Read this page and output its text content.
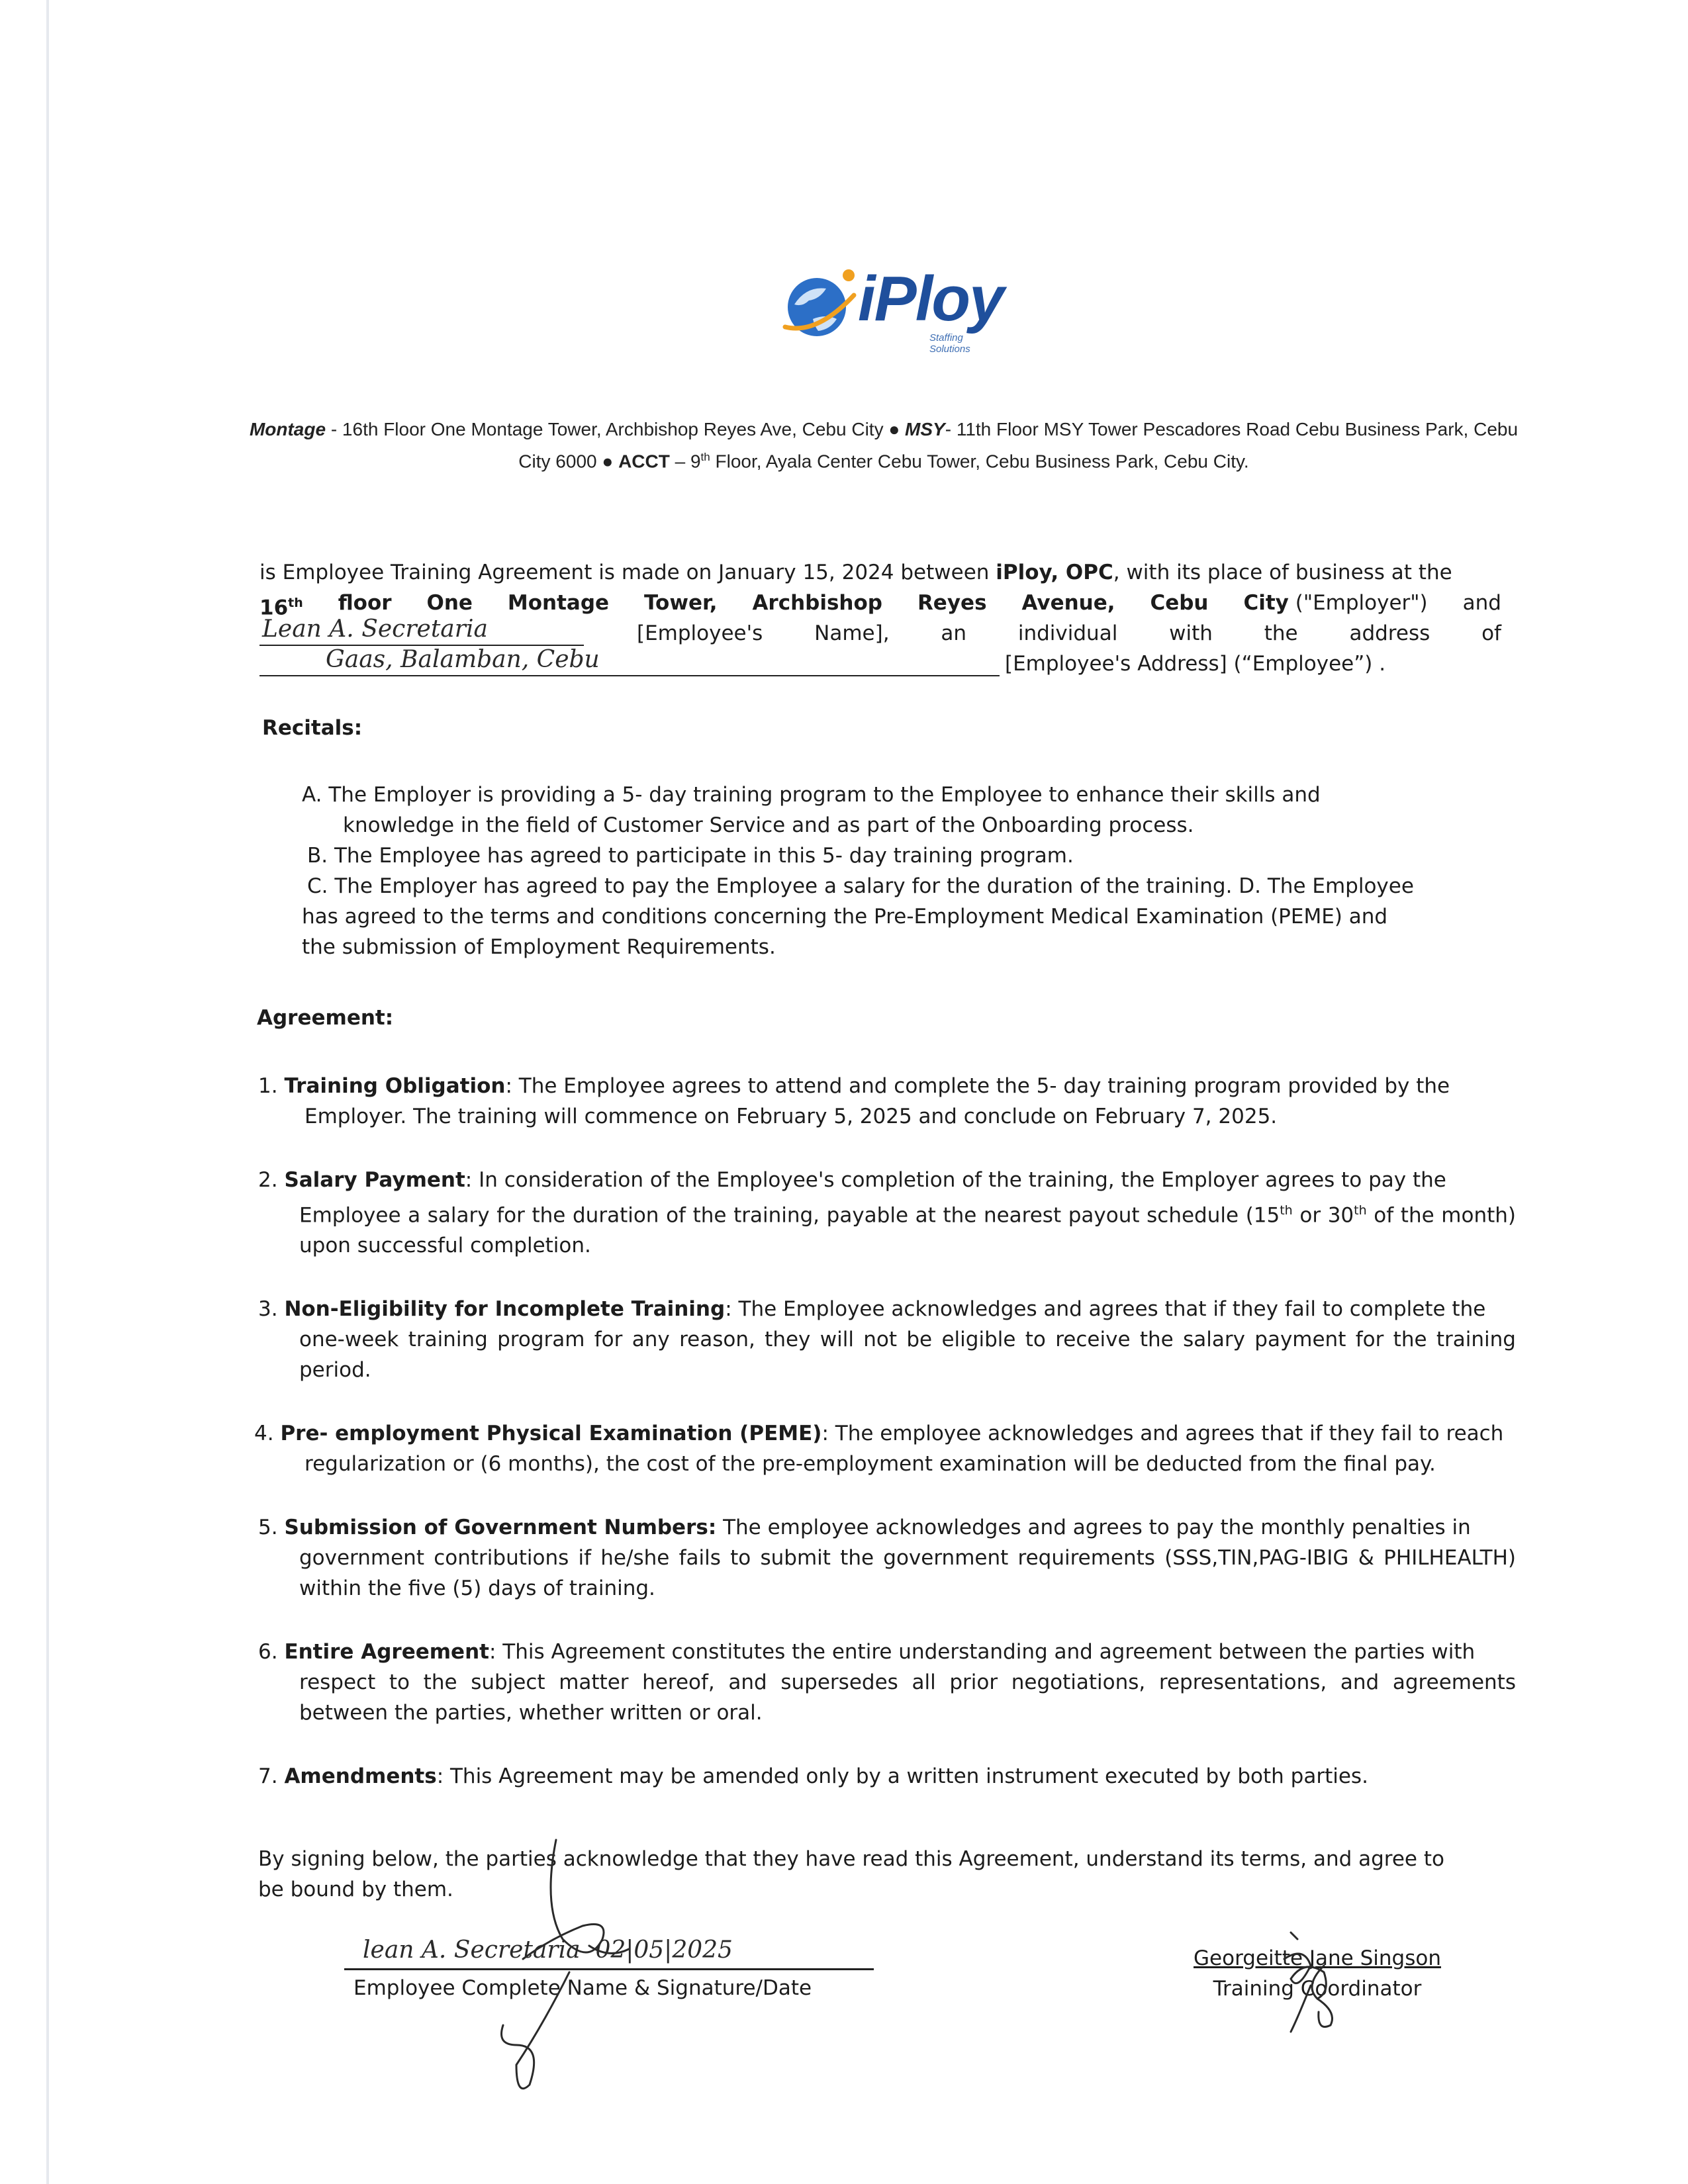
iPloy
Staffing Solutions
Montage - 16th Floor One Montage Tower, Archbishop Reyes Ave, Cebu City ● MSY- 11th Floor MSY Tower Pescadores Road Cebu Business Park, Cebu City 6000 ● ACCT – 9th Floor, Ayala Center Cebu Tower, Cebu Business Park, Cebu City.
is Employee Training Agreement is made on January 15, 2024 between iPloy, OPC, with its place of business at the
16th floor One Montage Tower, Archbishop Reyes Avenue, Cebu City ("Employer") and
Lean A. Secretaria	[Employee's	Name],	an	individual	with	the	address	of
Gaas, Balamban, Cebu	[Employee's Address] (“Employee”) .
Recitals:

A. The Employer is providing a 5- day training program to the Employee to enhance their skills and

knowledge in the field of Customer Service and as part of the Onboarding process.

B. The Employee has agreed to participate in this 5- day training program.

C. The Employer has agreed to pay the Employee a salary for the duration of the training. D. The Employee

has agreed to the terms and conditions concerning the Pre-Employment Medical Examination (PEME) and

the submission of Employment Requirements.

Agreement:
1. Training Obligation: The Employee agrees to attend and complete the 5- day training program provided by the
Employer. The training will commence on February 5, 2025 and conclude on February 7, 2025.
2. Salary Payment: In consideration of the Employee's completion of the training, the Employer agrees to pay the
Employee a salary for the duration of the training, payable at the nearest payout schedule (15th or 30th of the month) upon successful completion.
3. Non-Eligibility for Incomplete Training: The Employee acknowledges and agrees that if they fail to complete the
one-week training program for any reason, they will not be eligible to receive the salary payment for the training period.
4. Pre- employment Physical Examination (PEME): The employee acknowledges and agrees that if they fail to reach
regularization or (6 months), the cost of the pre-employment examination will be deducted from the final pay.
5. Submission of Government Numbers: The employee acknowledges and agrees to pay the monthly penalties in
government contributions if he/she fails to submit the government requirements (SSS,TIN,PAG-IBIG & PHILHEALTH) within the five (5) days of training.
6. Entire Agreement: This Agreement constitutes the entire understanding and agreement between the parties with
respect to the subject matter hereof, and supersedes all prior negotiations, representations, and agreements between the parties, whether written or oral.
7. Amendments: This Agreement may be amended only by a written instrument executed by both parties.
By signing below, the parties acknowledge that they have read this Agreement, understand its terms, and agree to be bound by them.
lean A. Secretaria  02|05|2025
Employee Complete Name & Signature/Date
Georgeitte Jane Singson
Training Coordinator
